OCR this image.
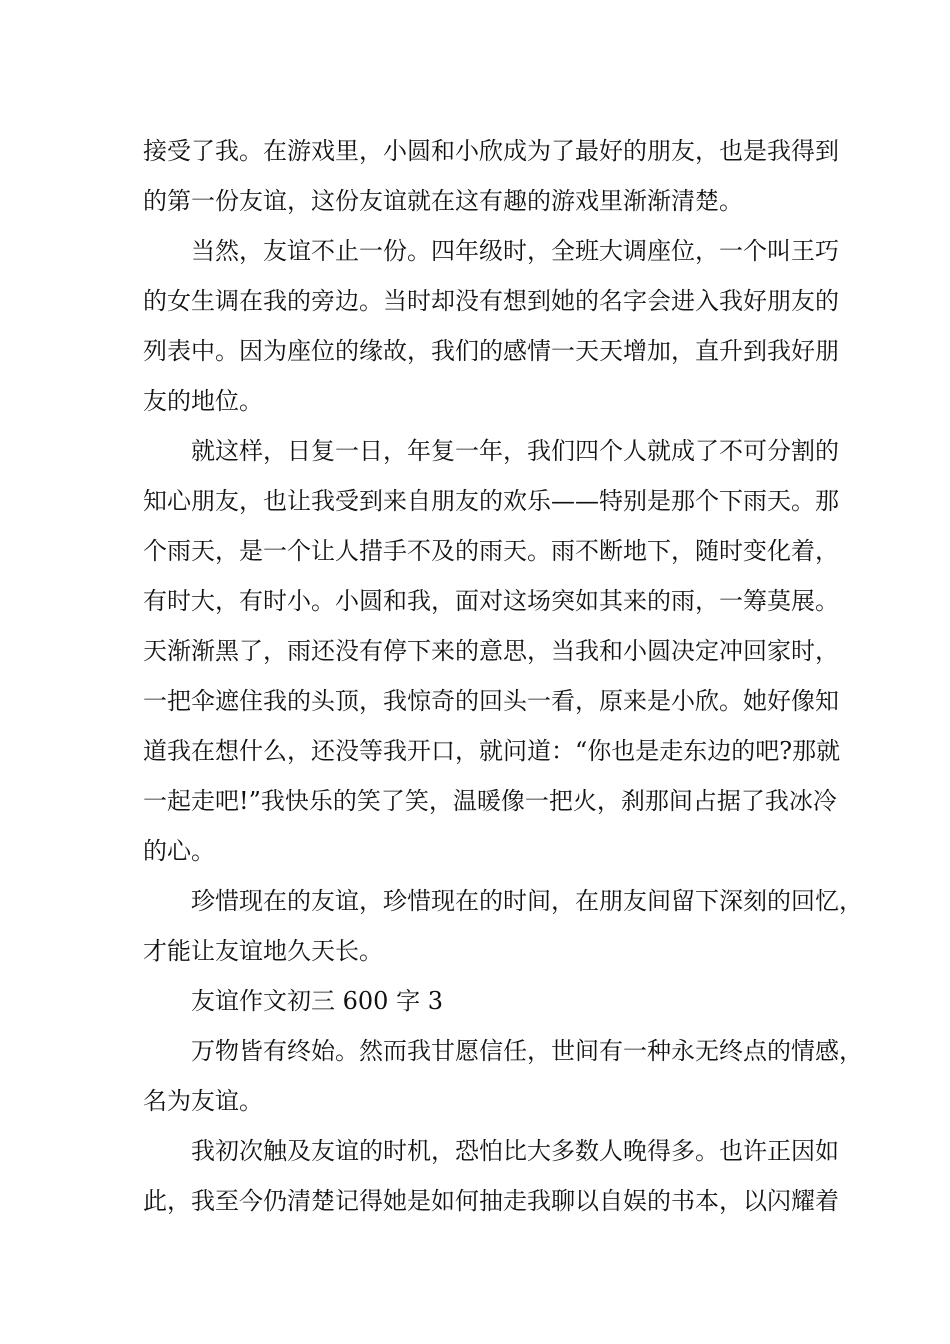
接受了我。在游戏里，小圆和小欣成为了最好的朋友，也是我得到
的第一份友谊，这份友谊就在这有趣的游戏里渐渐清楚。
当然，友谊不止一份。四年级时，全班大调座位，一个叫王巧
的女生调在我的旁边。当时却没有想到她的名字会进入我好朋友的
列表中。因为座位的缘故，我们的感情一天天增加，直升到我好朋
友的地位。
就这样，日复一日，年复一年，我们四个人就成了不可分割的
知心朋友，也让我受到来自朋友的欢乐——特别是那个下雨天。那
个雨天，是一个让人措手不及的雨天。雨不断地下，随时变化着，
有时大，有时小。小圆和我，面对这场突如其来的雨，一筹莫展。
天渐渐黑了，雨还没有停下来的意思，当我和小圆决定冲回家时，
一把伞遮住我的头顶，我惊奇的回头一看，原来是小欣。她好像知
道我在想什么，还没等我开口，就问道：“你也是走东边的吧?那就
一起走吧!”我快乐的笑了笑，温暖像一把火，刹那间占据了我冰冷
的心。
珍惜现在的友谊，珍惜现在的时间，在朋友间留下深刻的回忆，
才能让友谊地久天长。
友谊作文初三 600 字 3
万物皆有终始。然而我甘愿信任，世间有一种永无终点的情感，
名为友谊。
我初次触及友谊的时机，恐怕比大多数人晚得多。也许正因如
此，我至今仍清楚记得她是如何抽走我聊以自娱的书本，以闪耀着
